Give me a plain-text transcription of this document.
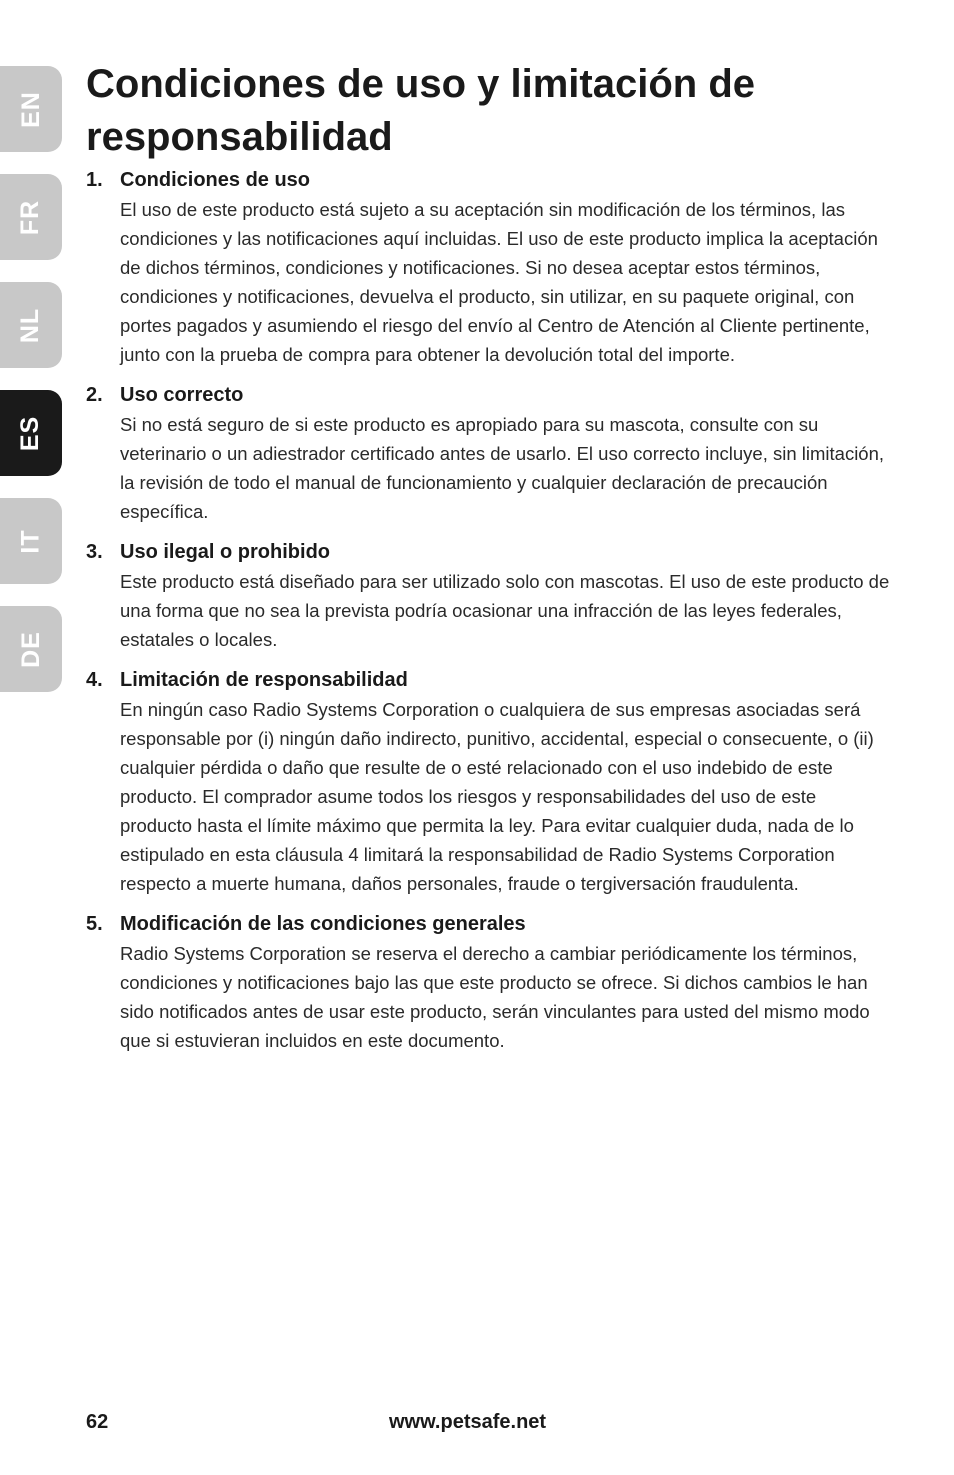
EN
FR
NL
ES
IT
DE
Condiciones de uso y limitación de responsabilidad
1. Condiciones de uso

El uso de este producto está sujeto a su aceptación sin modificación de los términos, las condiciones y las notificaciones aquí incluidas. El uso de este producto implica la aceptación de dichos términos, condiciones y notificaciones. Si no desea aceptar estos términos, condiciones y notificaciones, devuelva el producto, sin utilizar, en su paquete original, con portes pagados y asumiendo el riesgo del envío al Centro de Atención al Cliente pertinente, junto con la prueba de compra para obtener la devolución total del importe.

2. Uso correcto

Si no está seguro de si este producto es apropiado para su mascota, consulte con su veterinario o un adiestrador certificado antes de usarlo. El uso correcto incluye, sin limitación, la revisión de todo el manual de funcionamiento y cualquier declaración de precaución específica.

3. Uso ilegal o prohibido

Este producto está diseñado para ser utilizado solo con mascotas. El uso de este producto de una forma que no sea la prevista podría ocasionar una infracción de las leyes federales, estatales o locales.

4. Limitación de responsabilidad

En ningún caso Radio Systems Corporation o cualquiera de sus empresas asociadas será responsable por (i) ningún daño indirecto, punitivo, accidental, especial o consecuente, o (ii) cualquier pérdida o daño que resulte de o esté relacionado con el uso indebido de este producto. El comprador asume todos los riesgos y responsabilidades del uso de este producto hasta el límite máximo que permita la ley. Para evitar cualquier duda, nada de lo estipulado en esta cláusula 4 limitará la responsabilidad de Radio Systems Corporation respecto a muerte humana, daños personales, fraude o tergiversación fraudulenta.

5. Modificación de las condiciones generales

Radio Systems Corporation se reserva el derecho a cambiar periódicamente los términos, condiciones y notificaciones bajo las que este producto se ofrece. Si dichos cambios le han sido notificados antes de usar este producto, serán vinculantes para usted del mismo modo que si estuvieran incluidos en este documento.

62	www.petsafe.net
